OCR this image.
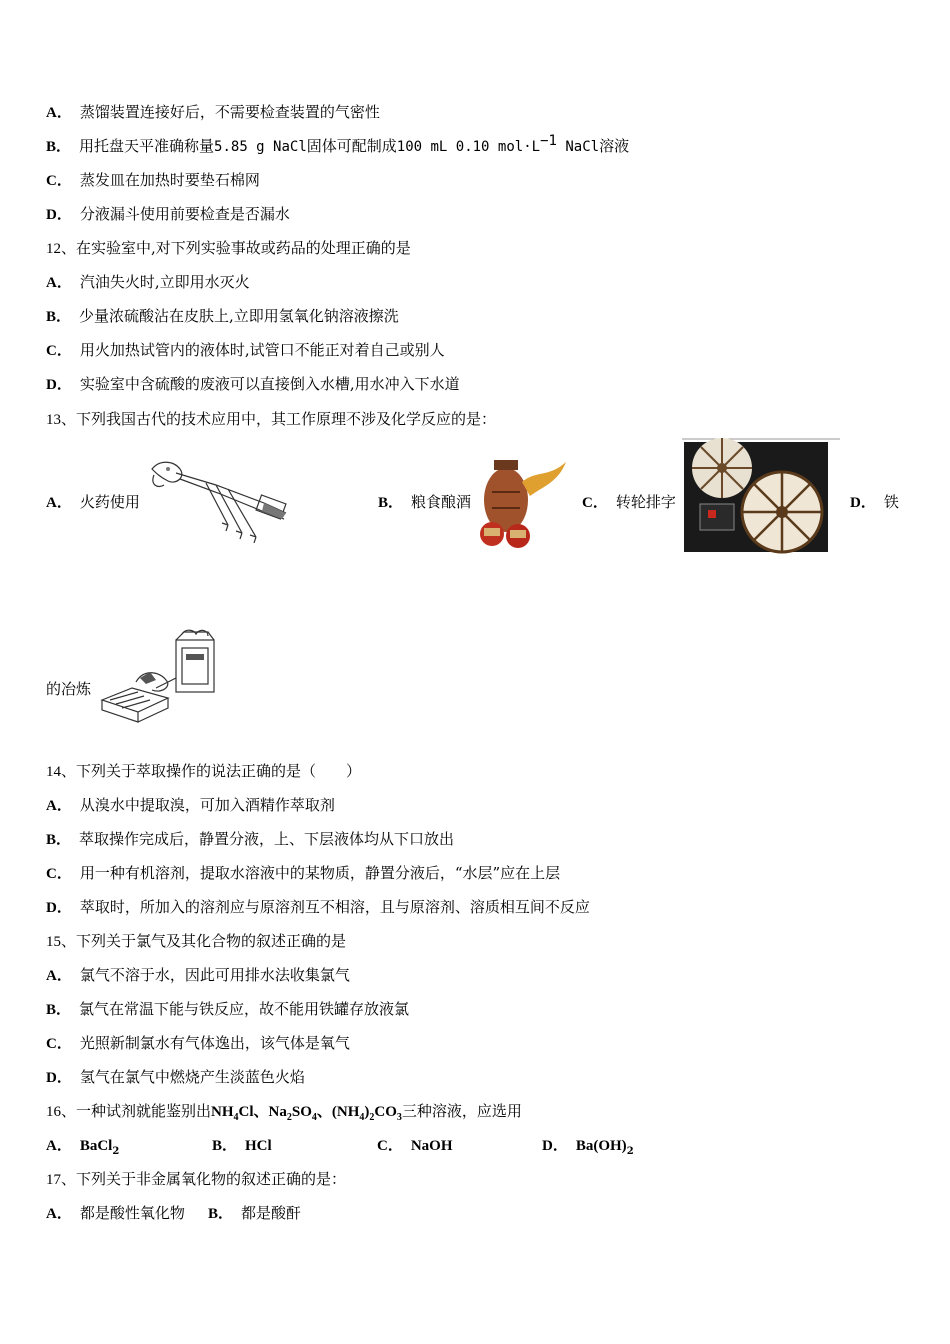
A． 蒸馏装置连接好后，不需要检查装置的气密性
B． 用托盘天平准确称量5.85 g NaCl固体可配制成100 mL 0.10 $mol\cdot L^{-1}$ NaCl溶液
C． 蒸发皿在加热时要垫石棉网
D． 分液漏斗使用前要检查是否漏水
12、在实验室中,对下列实验事故或药品的处理正确的是
A． 汽油失火时,立即用水灭火
B． 少量浓硫酸沾在皮肤上,立即用氢氧化钠溶液擦洗
C． 用火加热试管内的液体时,试管口不能正对着自己或别人
D． 实验室中含硫酸的废液可以直接倒入水槽,用水冲入下水道
13、下列我国古代的技术应用中，其工作原理不涉及化学反应的是：
A． 火药使用	B． 粮食酿酒	C． 转轮排字	D． 铁
的冶炼
14、下列关于萃取操作的说法正确的是（　　）
A． 从溴水中提取溴，可加入酒精作萃取剂
B． 萃取操作完成后，静置分液，上、下层液体均从下口放出
C． 用一种有机溶剂，提取水溶液中的某物质，静置分液后，“水层”应在上层
D． 萃取时，所加入的溶剂应与原溶剂互不相溶，且与原溶剂、溶质相互间不反应
15、下列关于氯气及其化合物的叙述正确的是
A． 氯气不溶于水，因此可用排水法收集氯气
B． 氯气在常温下能与铁反应，故不能用铁罐存放液氯
C． 光照新制氯水有气体逸出，该气体是氧气
D． 氢气在氯气中燃烧产生淡蓝色火焰
16、一种试剂就能鉴别出$NH_4Cl$、$Na_2SO_4$、$(NH_4)_2CO_3$三种溶液，应选用
A． BaCl$_2$	B． HCl	C． NaOH	D． $Ba(OH)_2$
17、下列关于非金属氧化物的叙述正确的是：
A． 都是酸性氧化物 B． 都是酸酐
